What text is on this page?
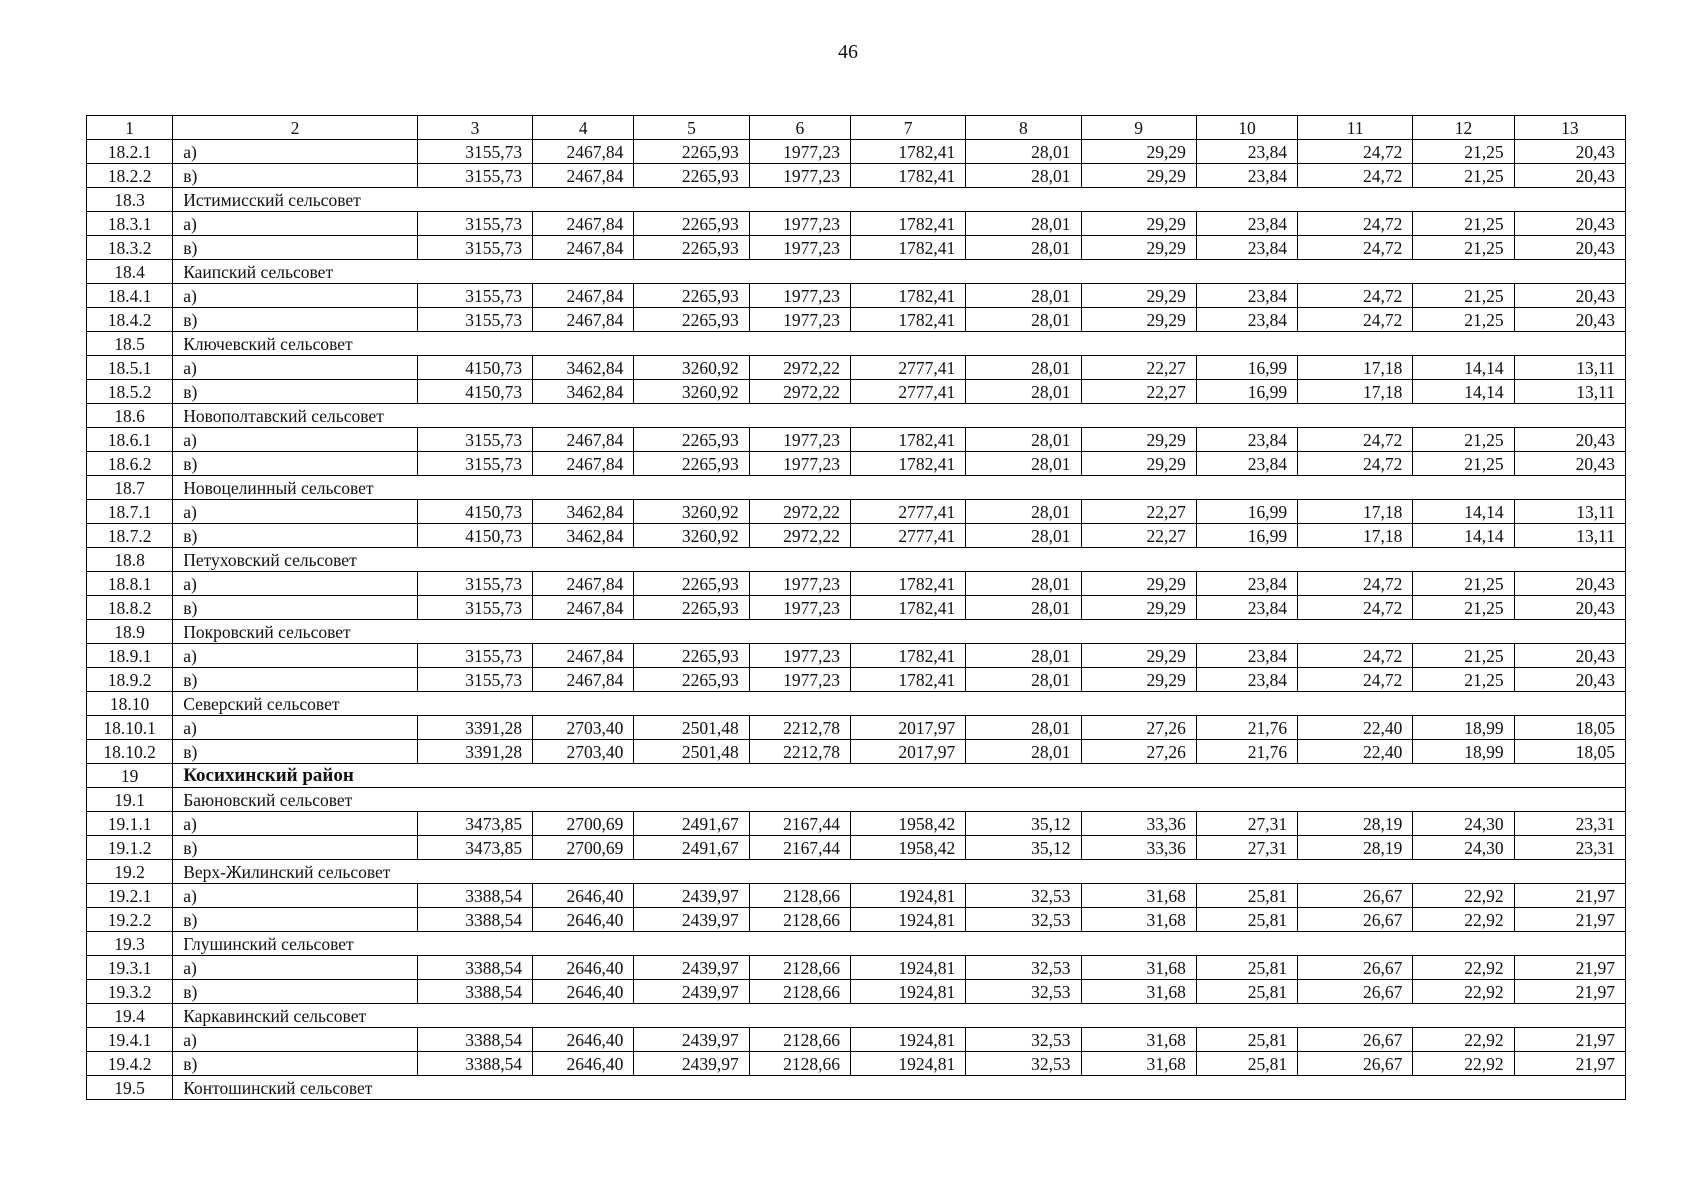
46
1	2	3	4	5	6	7	8	9	10	11	12	13
18.2.1	а)	3155,73	2467,84	2265,93	1977,23	1782,41	28,01	29,29	23,84	24,72	21,25	20,43
18.2.2	в)	3155,73	2467,84	2265,93	1977,23	1782,41	28,01	29,29	23,84	24,72	21,25	20,43
18.3	Истимисский сельсовет											
18.3.1	а)	3155,73	2467,84	2265,93	1977,23	1782,41	28,01	29,29	23,84	24,72	21,25	20,43
18.3.2	в)	3155,73	2467,84	2265,93	1977,23	1782,41	28,01	29,29	23,84	24,72	21,25	20,43
18.4	Каипский сельсовет											
18.4.1	а)	3155,73	2467,84	2265,93	1977,23	1782,41	28,01	29,29	23,84	24,72	21,25	20,43
18.4.2	в)	3155,73	2467,84	2265,93	1977,23	1782,41	28,01	29,29	23,84	24,72	21,25	20,43
18.5	Ключевский сельсовет											
18.5.1	а)	4150,73	3462,84	3260,92	2972,22	2777,41	28,01	22,27	16,99	17,18	14,14	13,11
18.5.2	в)	4150,73	3462,84	3260,92	2972,22	2777,41	28,01	22,27	16,99	17,18	14,14	13,11
18.6	Новополтавский сельсовет											
18.6.1	а)	3155,73	2467,84	2265,93	1977,23	1782,41	28,01	29,29	23,84	24,72	21,25	20,43
18.6.2	в)	3155,73	2467,84	2265,93	1977,23	1782,41	28,01	29,29	23,84	24,72	21,25	20,43
18.7	Новоцелинный сельсовет											
18.7.1	а)	4150,73	3462,84	3260,92	2972,22	2777,41	28,01	22,27	16,99	17,18	14,14	13,11
18.7.2	в)	4150,73	3462,84	3260,92	2972,22	2777,41	28,01	22,27	16,99	17,18	14,14	13,11
18.8	Петуховский сельсовет											
18.8.1	а)	3155,73	2467,84	2265,93	1977,23	1782,41	28,01	29,29	23,84	24,72	21,25	20,43
18.8.2	в)	3155,73	2467,84	2265,93	1977,23	1782,41	28,01	29,29	23,84	24,72	21,25	20,43
18.9	Покровский сельсовет											
18.9.1	а)	3155,73	2467,84	2265,93	1977,23	1782,41	28,01	29,29	23,84	24,72	21,25	20,43
18.9.2	в)	3155,73	2467,84	2265,93	1977,23	1782,41	28,01	29,29	23,84	24,72	21,25	20,43
18.10	Северский сельсовет											
18.10.1	а)	3391,28	2703,40	2501,48	2212,78	2017,97	28,01	27,26	21,76	22,40	18,99	18,05
18.10.2	в)	3391,28	2703,40	2501,48	2212,78	2017,97	28,01	27,26	21,76	22,40	18,99	18,05
19	Косихинский район											
19.1	Баюновский сельсовет											
19.1.1	а)	3473,85	2700,69	2491,67	2167,44	1958,42	35,12	33,36	27,31	28,19	24,30	23,31
19.1.2	в)	3473,85	2700,69	2491,67	2167,44	1958,42	35,12	33,36	27,31	28,19	24,30	23,31
19.2	Верх-Жилинский сельсовет											
19.2.1	а)	3388,54	2646,40	2439,97	2128,66	1924,81	32,53	31,68	25,81	26,67	22,92	21,97
19.2.2	в)	3388,54	2646,40	2439,97	2128,66	1924,81	32,53	31,68	25,81	26,67	22,92	21,97
19.3	Глушинский сельсовет											
19.3.1	а)	3388,54	2646,40	2439,97	2128,66	1924,81	32,53	31,68	25,81	26,67	22,92	21,97
19.3.2	в)	3388,54	2646,40	2439,97	2128,66	1924,81	32,53	31,68	25,81	26,67	22,92	21,97
19.4	Каркавинский сельсовет											
19.4.1	а)	3388,54	2646,40	2439,97	2128,66	1924,81	32,53	31,68	25,81	26,67	22,92	21,97
19.4.2	в)	3388,54	2646,40	2439,97	2128,66	1924,81	32,53	31,68	25,81	26,67	22,92	21,97
19.5	Контошинский сельсовет											
